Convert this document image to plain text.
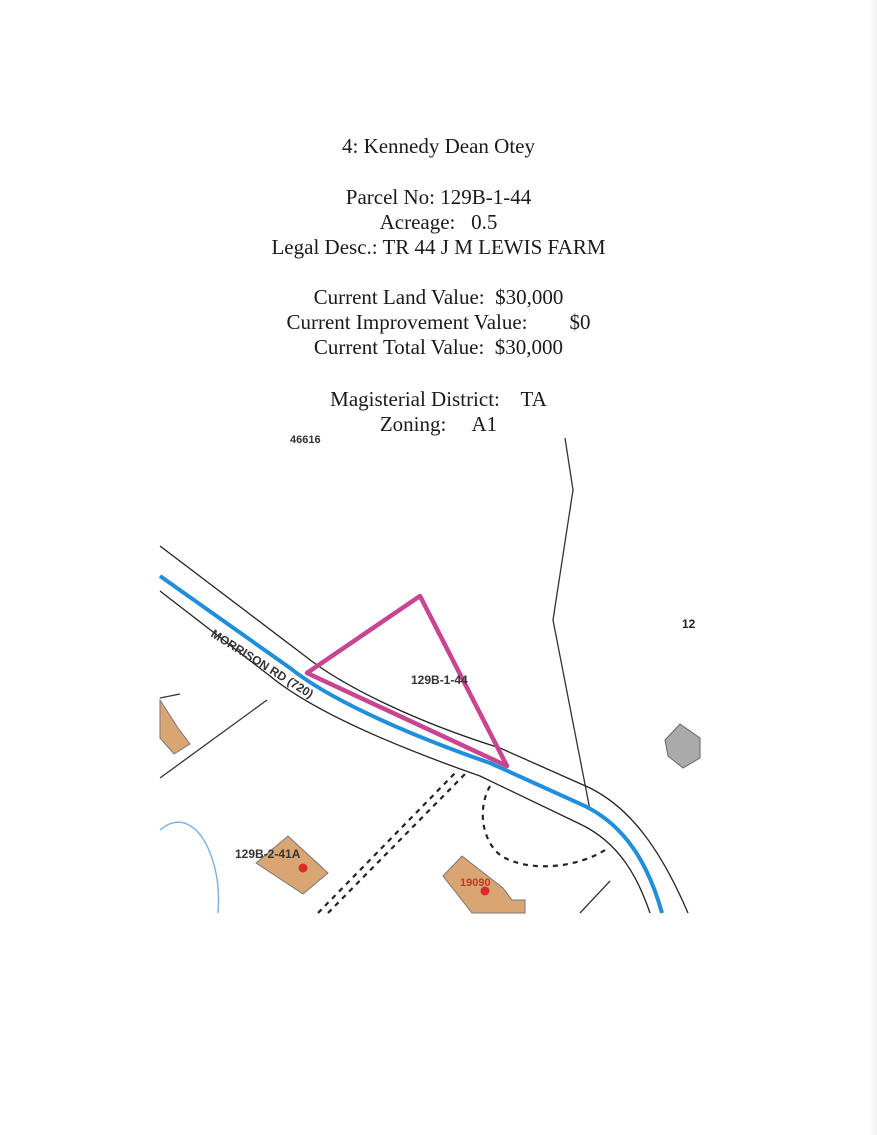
4: Kennedy Dean Otey
Parcel No: 129B-1-44
Acreage:   0.5
Legal Desc.: TR 44 J M LEWIS FARM
Current Land Value:  $30,000
Current Improvement Value:        $0
Current Total Value:  $30,000
Magisterial District:    TA
Zoning:     A1
129B-1-44
MORRISON RD (720)
129B-2-41A
19090
12
46616
